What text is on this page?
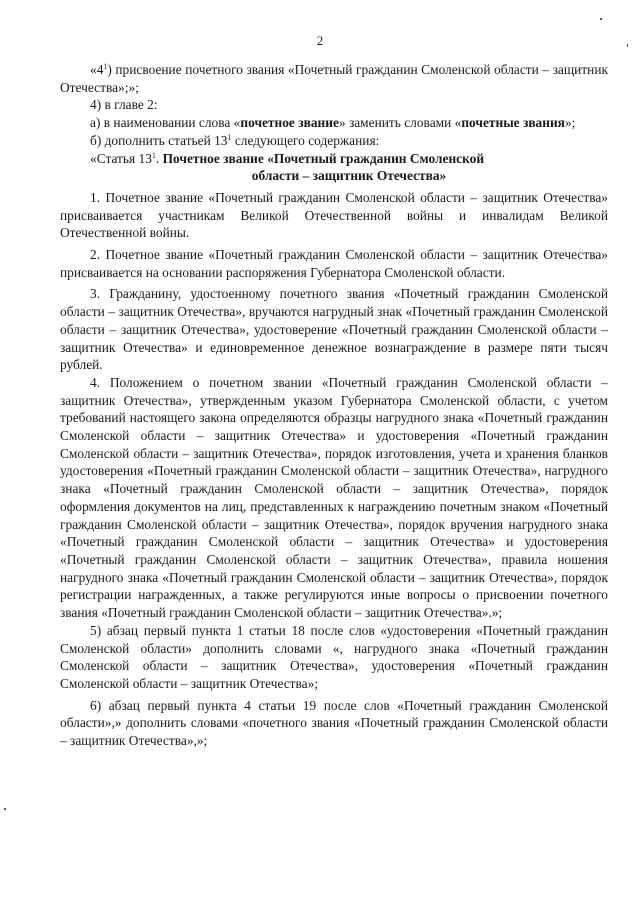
2

«$4^1$) присвоение почетного звания «Почетный гражданин Смоленской области – защитник Отечества»;»;

4) в главе 2:

а) в наименовании слова «почетное звание» заменить словами «почетные звания»;

б) дополнить статьей $13^1$ следующего содержания:

«Статья $13^1$. Почетное звание «Почетный гражданин Смоленской

области – защитник Отечества»

1. Почетное звание «Почетный гражданин Смоленской области – защитник Отечества» присваивается участникам Великой Отечественной войны и инвалидам Великой Отечественной войны.

2. Почетное звание «Почетный гражданин Смоленской области – защитник Отечества» присваивается на основании распоряжения Губернатора Смоленской области.

3. Гражданину, удостоенному почетного звания «Почетный гражданин Смоленской области – защитник Отечества», вручаются нагрудный знак «Почетный гражданин Смоленской области – защитник Отечества», удостоверение «Почетный гражданин Смоленской области – защитник Отечества» и единовременное денежное вознаграждение в размере пяти тысяч рублей.

4. Положением о почетном звании «Почетный гражданин Смоленской области – защитник Отечества», утвержденным указом Губернатора Смоленской области, с учетом требований настоящего закона определяются образцы нагрудного знака «Почетный гражданин Смоленской области – защитник Отечества» и удостоверения «Почетный гражданин Смоленской области – защитник Отечества», порядок изготовления, учета и хранения бланков удостоверения «Почетный гражданин Смоленской области – защитник Отечества», нагрудного знака «Почетный гражданин Смоленской области – защитник Отечества», порядок оформления документов на лиц, представленных к награждению почетным знаком «Почетный гражданин Смоленской области – защитник Отечества», порядок вручения нагрудного знака «Почетный гражданин Смоленской области – защитник Отечества» и удостоверения «Почетный гражданин Смоленской области – защитник Отечества», правила ношения нагрудного знака «Почетный гражданин Смоленской области – защитник Отечества», порядок регистрации награжденных, а также регулируются иные вопросы о присвоении почетного звания «Почетный гражданин Смоленской области – защитник Отечества».»;

5) абзац первый пункта 1 статьи 18 после слов «удостоверения «Почетный гражданин Смоленской области» дополнить словами «, нагрудного знака «Почетный гражданин Смоленской области – защитник Отечества», удостоверения «Почетный гражданин Смоленской области – защитник Отечества»;

6) абзац первый пункта 4 статьи 19 после слов «Почетный гражданин Смоленской области»,» дополнить словами «почетного звания «Почетный гражданин Смоленской области – защитник Отечества»,»;
